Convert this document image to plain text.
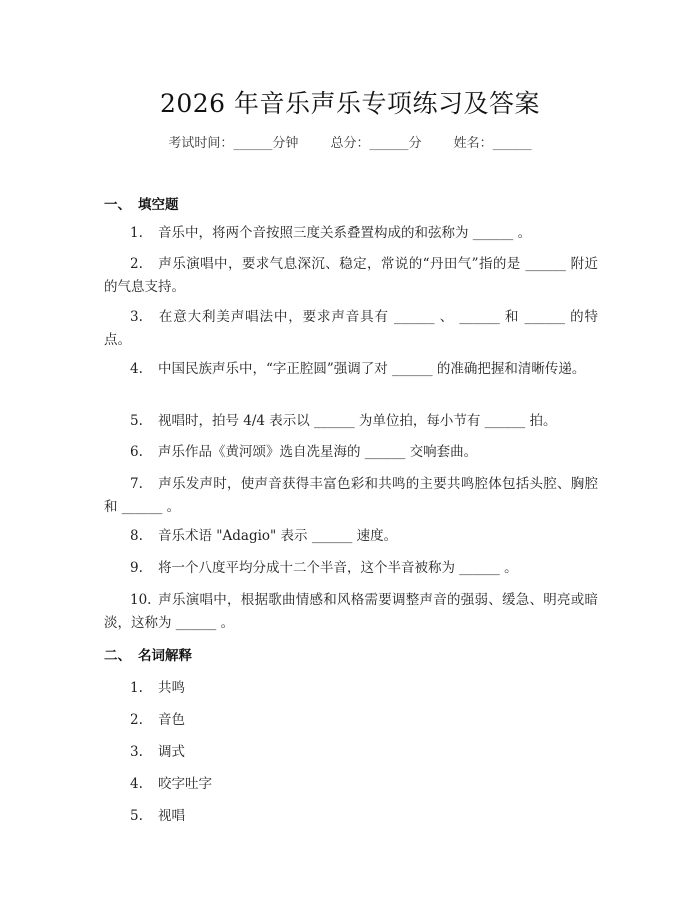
2026 年音乐声乐专项练习及答案
考试时间：______分钟 总分：______分 姓名：______
一、 填空题
1. 音乐中，将两个音按照三度关系叠置构成的和弦称为 ______ 。
2. 声乐演唱中，要求气息深沉、稳定，常说的“丹田气”指的是 ______ 附近的气息支持。
3. 在意大利美声唱法中，要求声音具有 ______ 、 ______ 和 ______ 的特点。
4. 中国民族声乐中，“字正腔圆”强调了对 ______ 的准确把握和清晰传递。
5. 视唱时，拍号 4/4 表示以 ______ 为单位拍，每小节有 ______ 拍。
6. 声乐作品《黄河颂》选自冼星海的 ______ 交响套曲。
7. 声乐发声时，使声音获得丰富色彩和共鸣的主要共鸣腔体包括头腔、胸腔和 ______ 。
8. 音乐术语 "Adagio" 表示 ______ 速度。
9. 将一个八度平均分成十二个半音，这个半音被称为 ______ 。
10. 声乐演唱中，根据歌曲情感和风格需要调整声音的强弱、缓急、明亮或暗淡，这称为 ______ 。
二、 名词解释
1. 共鸣
2. 音色
3. 调式
4. 咬字吐字
5. 视唱
